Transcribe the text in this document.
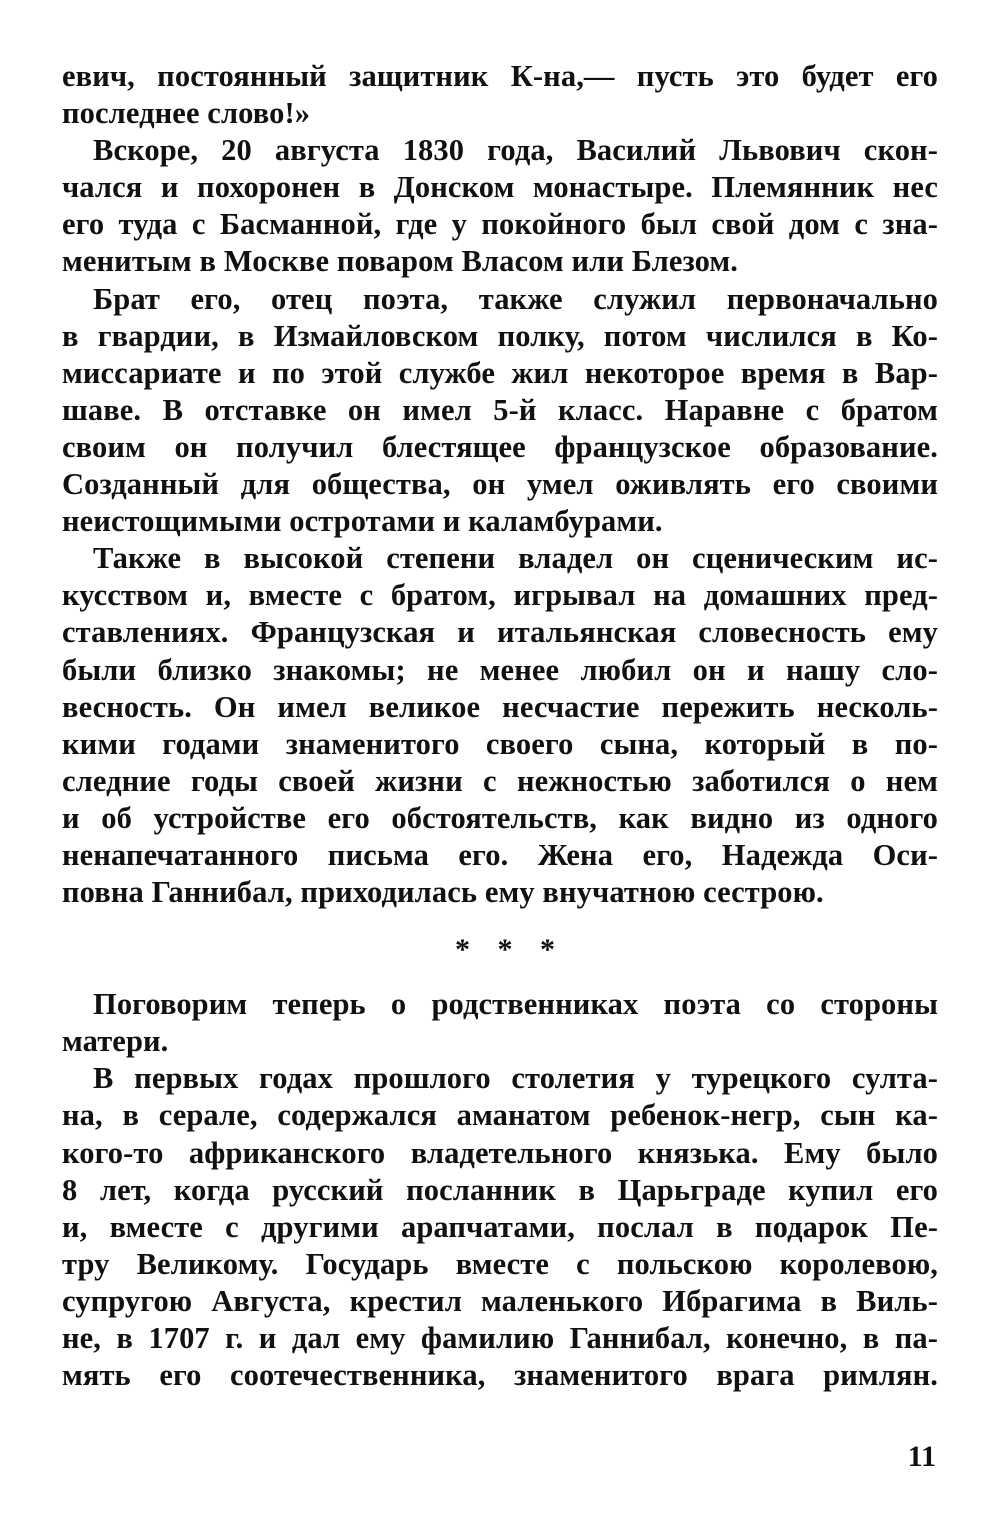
евич, постоянный защитник К-на,— пусть это будет его
последнее слово!»
Вскоре, 20 августа 1830 года, Василий Львович скон-
чался и похоронен в Донском монастыре. Племянник нес
его туда с Басманной, где у покойного был свой дом с зна-
менитым в Москве поваром Власом или Блезом.
Брат его, отец поэта, также служил первоначально
в гвардии, в Измайловском полку, потом числился в Ко-
миссариате и по этой службе жил некоторое время в Вар-
шаве. В отставке он имел 5-й класс. Наравне с братом
своим он получил блестящее французское образование.
Созданный для общества, он умел оживлять его своими
неистощимыми остротами и каламбурами.
Также в высокой степени владел он сценическим ис-
кусством и, вместе с братом, игрывал на домашних пред-
ставлениях. Французская и итальянская словесность ему
были близко знакомы; не менее любил он и нашу сло-
весность. Он имел великое несчастие пережить несколь-
кими годами знаменитого своего сына, который в по-
следние годы своей жизни с нежностью заботился о нем
и об устройстве его обстоятельств, как видно из одного
ненапечатанного письма его. Жена его, Надежда Оси-
повна Ганнибал, приходилась ему внучатною сестрою.
* * *
Поговорим теперь о родственниках поэта со стороны
матери.
В первых годах прошлого столетия у турецкого султа-
на, в серале, содержался аманатом ребенок-негр, сын ка-
кого-то африканского владетельного князька. Ему было
8 лет, когда русский посланник в Царьграде купил его
и, вместе с другими арапчатами, послал в подарок Пе-
тру Великому. Государь вместе с польскою королевою,
супругою Августа, крестил маленького Ибрагима в Виль-
не, в 1707 г. и дал ему фамилию Ганнибал, конечно, в па-
мять его соотечественника, знаменитого врага римлян.
11
